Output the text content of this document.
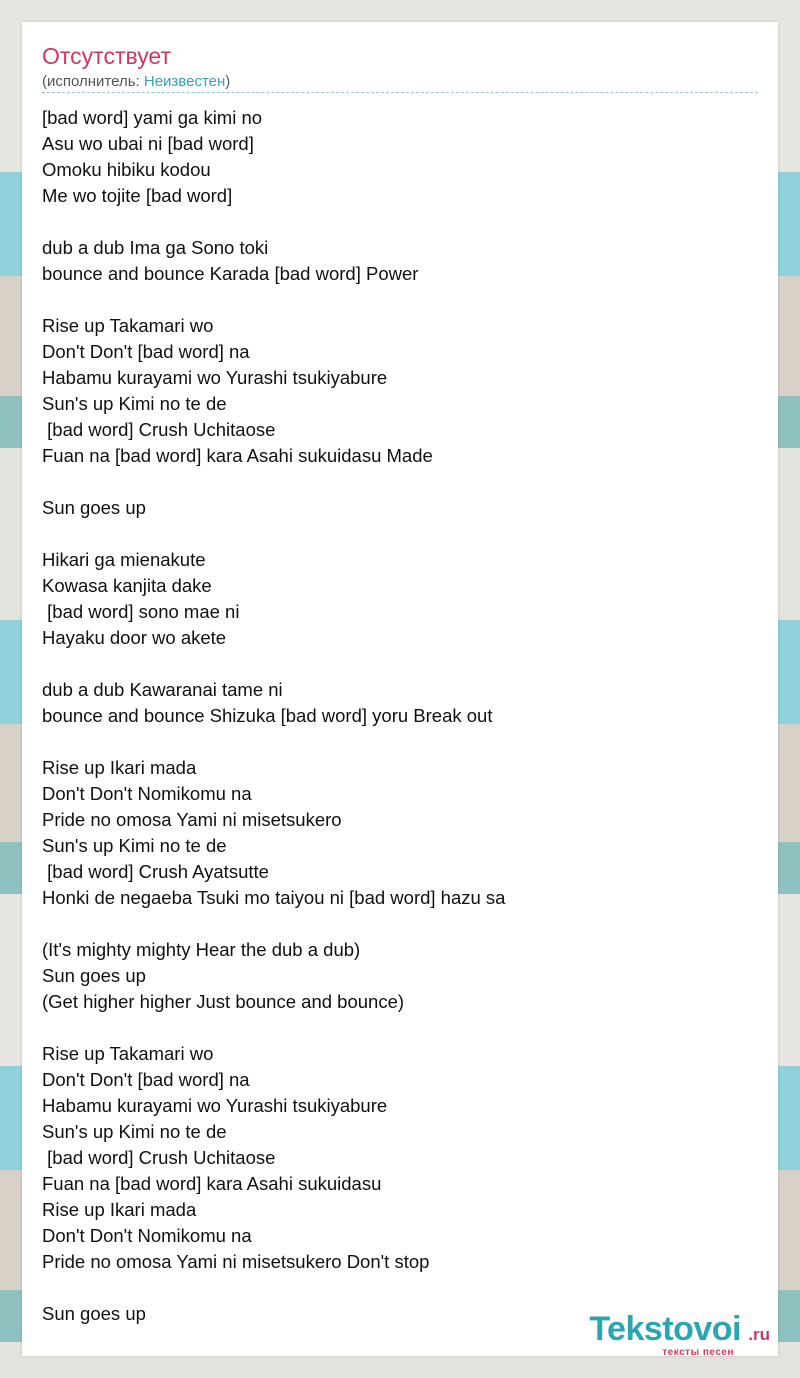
Отсутствует
(исполнитель: Неизвестен)
[bad word] yami ga kimi no
Asu wo ubai ni [bad word]
Omoku hibiku kodou
Me wo tojite [bad word]

dub a dub Ima ga Sono toki
bounce and bounce Karada [bad word] Power

Rise up Takamari wo
Don't Don't [bad word] na
Habamu kurayami wo Yurashi tsukiyabure
Sun's up Kimi no te de
[bad word] Crush Uchitaose
Fuan na [bad word] kara Asahi sukuidasu Made

Sun goes up

Hikari ga mienakute
Kowasa kanjita dake
[bad word] sono mae ni
Hayaku door wo akete

dub a dub Kawaranai tame ni
bounce and bounce Shizuka [bad word] yoru Break out

Rise up Ikari mada
Don't Don't Nomikomu na
Pride no omosa Yami ni misetsukero
Sun's up Kimi no te de
[bad word] Crush Ayatsutte
Honki de negaeba Tsuki mo taiyou ni [bad word] hazu sa

(It's mighty mighty Hear the dub a dub)
Sun goes up
(Get higher higher Just bounce and bounce)

Rise up Takamari wo
Don't Don't [bad word] na
Habamu kurayami wo Yurashi tsukiyabure
Sun's up Kimi no te de
[bad word] Crush Uchitaose
Fuan na [bad word] kara Asahi sukuidasu
Rise up Ikari mada
Don't Don't Nomikomu na
Pride no omosa Yami ni misetsukero Don't stop

Sun goes up	Tekstovoi .ru
тексты песен
